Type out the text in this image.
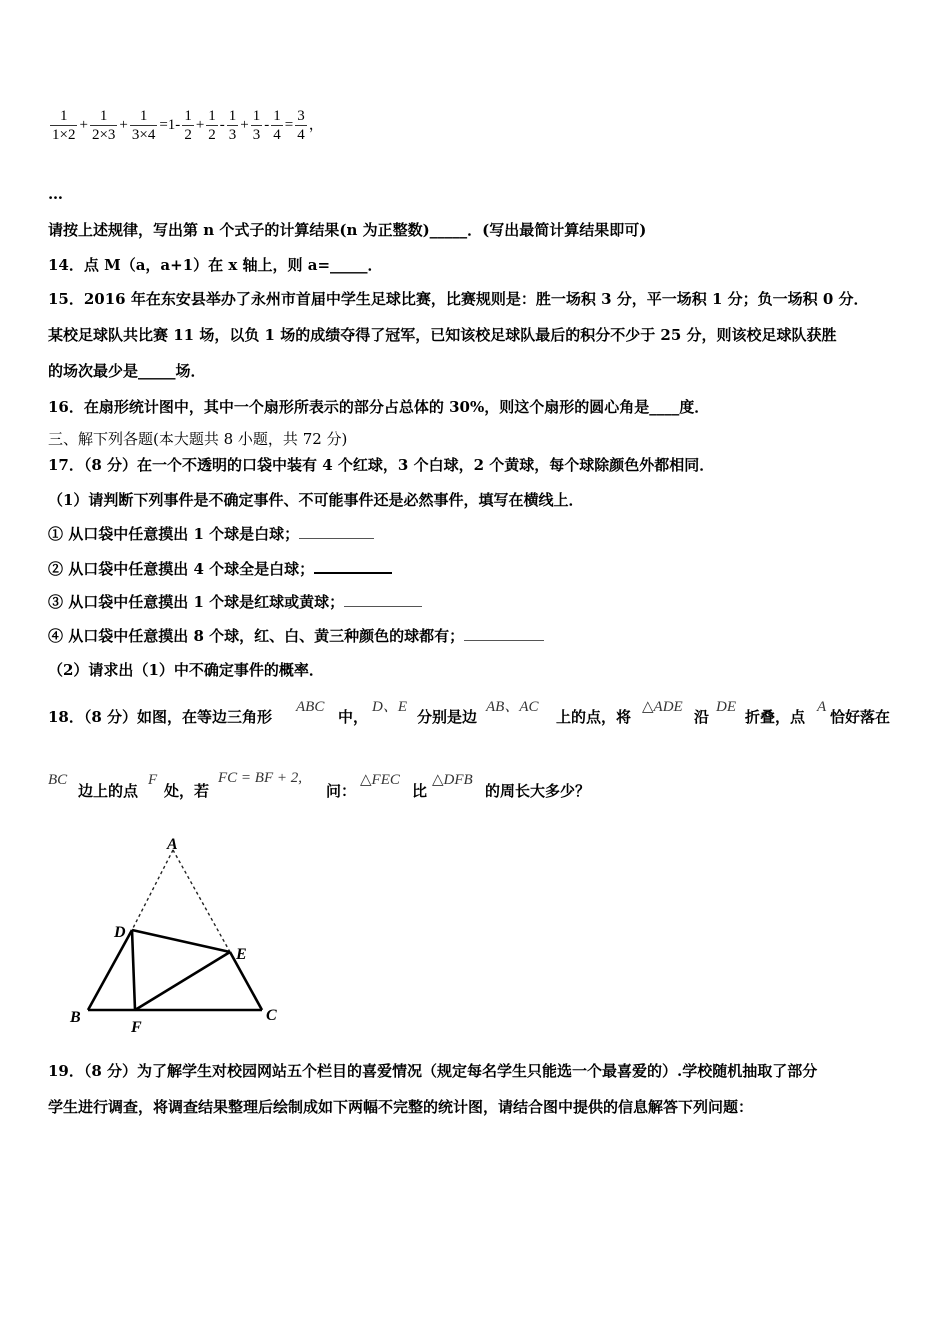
$\frac{1}{1\times 2} + \frac{1}{2\times 3} + \frac{1}{3\times 4} =1- \frac{1}{2} + \frac{1}{2} - \frac{1}{3} + \frac{1}{3} - \frac{1}{4} = \frac{3}{4}$ ，
…
请按上述规律，写出第 n 个式子的计算结果(n 为正整数)_____．(写出最简计算结果即可)
14．点 M（a，a+1）在 x 轴上，则 a=_____．
15．2016 年在东安县举办了永州市首届中学生足球比赛，比赛规则是：胜一场积 3 分，平一场积 1 分；负一场积 0 分．
某校足球队共比赛 11 场，以负 1 场的成绩夺得了冠军，已知该校足球队最后的积分不少于 25 分，则该校足球队获胜
的场次最少是_____场．
16．在扇形统计图中，其中一个扇形所表示的部分占总体的 30%，则这个扇形的圆心角是____度．
三、解下列各题(本大题共 8 小题，共 72 分)
17．（8 分）在一个不透明的口袋中装有 4 个红球，3 个白球，2 个黄球，每个球除颜色外都相同．
（1）请判断下列事件是不确定事件、不可能事件还是必然事件，填写在横线上．
① 从口袋中任意摸出 1 个球是白球；
② 从口袋中任意摸出 4 个球全是白球；
③ 从口袋中任意摸出 1 个球是红球或黄球；
④ 从口袋中任意摸出 8 个球，红、白、黄三种颜色的球都有；
（2）请求出（1）中不确定事件的概率．
18．（8 分）如图，在等边三角形
ABC
中，
D、E
分别是边
AB、AC
上的点，将
△ADE
沿
DE
折叠，点
A
恰好落在
BC
边上的点
F
处，若
FC = BF + 2,
问：
△FEC
比
△DFB
的周长大多少？
A
B	C
D
E
F
19．（8 分）为了解学生对校园网站五个栏目的喜爱情况（规定每名学生只能选一个最喜爱的）.学校随机抽取了部分
学生进行调查，将调查结果整理后绘制成如下两幅不完整的统计图，请结合图中提供的信息解答下列问题：
